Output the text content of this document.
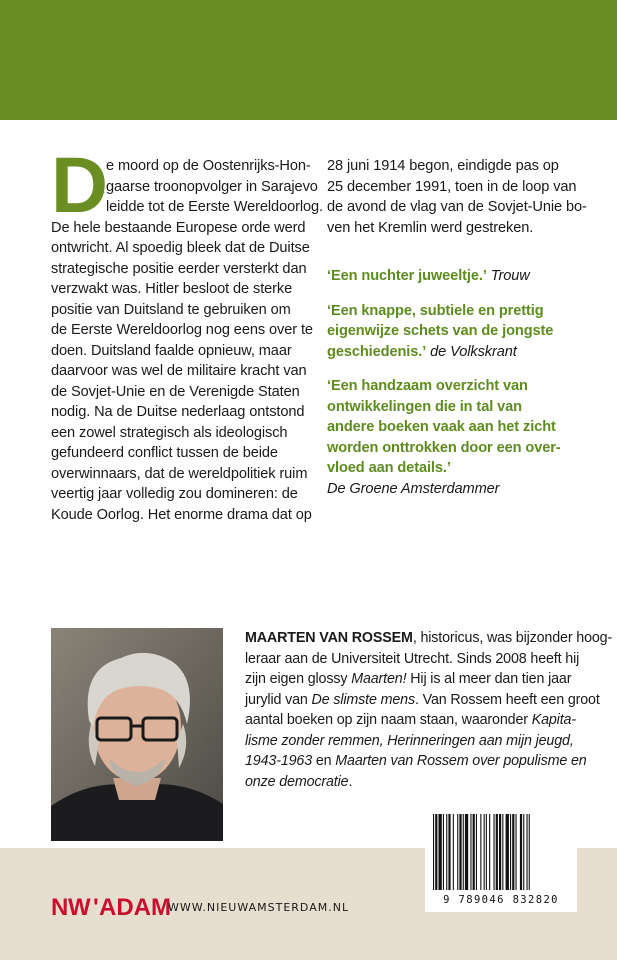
D
e moord op de Oostenrijks-Hon-
gaarse troonopvolger in Sarajevo
leidde tot de Eerste Wereldoorlog.
De hele bestaande Europese orde werd
ontwricht. Al spoedig bleek dat de Duitse
strategische positie eerder versterkt dan
verzwakt was. Hitler besloot de sterke
positie van Duitsland te gebruiken om
de Eerste Wereldoorlog nog eens over te
doen. Duitsland faalde opnieuw, maar
daarvoor was wel de militaire kracht van
de Sovjet-Unie en de Verenigde Staten
nodig. Na de Duitse nederlaag ontstond
een zowel strategisch als ideologisch
gefundeerd conflict tussen de beide
overwinnaars, dat de wereldpolitiek ruim
veertig jaar volledig zou domineren: de
Koude Oorlog. Het enorme drama dat op
28 juni 1914 begon, eindigde pas op
25 december 1991, toen in de loop van
de avond de vlag van de Sovjet-Unie bo-
ven het Kremlin werd gestreken.
‘Een nuchter juweeltje.’ Trouw
‘Een knappe, subtiele en prettig
eigenwijze schets van de jongste
geschiedenis.’ de Volkskrant
‘Een handzaam overzicht van
ontwikkelingen die in tal van
andere boeken vaak aan het zicht
worden onttrokken door een over-
vloed aan details.’
De Groene Amsterdammer
MAARTEN VAN ROSSEM, historicus, was bijzonder hoog-
leraar aan de Universiteit Utrecht. Sinds 2008 heeft hij
zijn eigen glossy Maarten! Hij is al meer dan tien jaar
jurylid van De slimste mens. Van Rossem heeft een groot
aantal boeken op zijn naam staan, waaronder Kapita-
lisme zonder remmen, Herinneringen aan mijn jeugd,
1943-1963 en Maarten van Rossem over populisme en
onze democratie.
9 789046 832820
N W ' ADAM
WWW.NIEUWAMSTERDAM.NL
